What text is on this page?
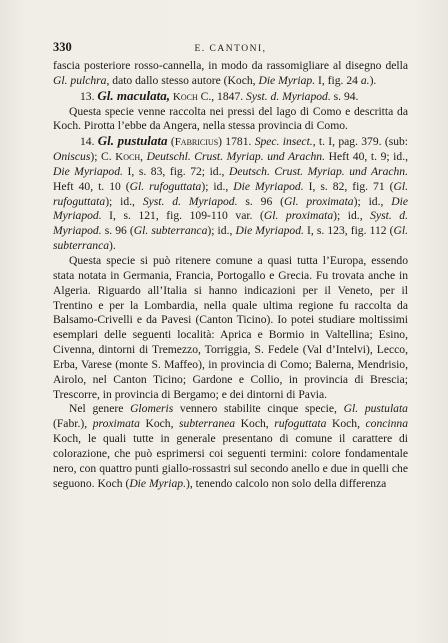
330	E. CANTONI,

fascia posteriore rosso-cannella, in modo da rassomigliare al disegno della Gl. pulchra, dato dallo stesso autore (Koch, Die Myriap. I, fig. 24 a.).

13. Gl. maculata, Koch C., 1847. Syst. d. Myriapod. s. 94.

Questa specie venne raccolta nei pressi del lago di Como e descritta da Koch. Pirotta l’ebbe da Angera, nella stessa provincia di Como.

14. Gl. pustulata (Fabricius) 1781. Spec. insect., t. I, pag. 379. (sub: Oniscus); C. Koch, Deutschl. Crust. Myriap. und Arachn. Heft 40, t. 9; id., Die Myriapod. I, s. 83, fig. 72; id., Deutsch. Crust. Myriap. und Arachn. Heft 40, t. 10 (Gl. rufoguttata); id., Die Myriapod. I, s. 82, fig. 71 (Gl. rufoguttata); id., Syst. d. Myriapod. s. 96 (Gl. proximata); id., Die Myriapod. I, s. 121, fig. 109-110 var. (Gl. proximata); id., Syst. d. Myriapod. s. 96 (Gl. subterranca); id., Die Myriapod. I, s. 123, fig. 112 (Gl. subterranca).

Questa specie si può ritenere comune a quasi tutta l’Europa, essendo stata notata in Germania, Francia, Portogallo e Grecia. Fu trovata anche in Algeria. Riguardo all’Italia si hanno indicazioni per il Veneto, per il Trentino e per la Lombardia, nella quale ultima regione fu raccolta da Balsamo-Crivelli e da Pavesi (Canton Ticino). Io potei studiare moltissimi esemplari delle seguenti località: Aprica e Bormio in Valtellina; Esino, Civenna, dintorni di Tremezzo, Torriggia, S. Fedele (Val d’Intelvi), Lecco, Erba, Varese (monte S. Maffeo), in provincia di Como; Balerna, Mendrisio, Airolo, nel Canton Ticino; Gardone e Collio, in provincia di Brescia; Trescorre, in provincia di Bergamo; e dei dintorni di Pavia.

Nel genere Glomeris vennero stabilite cinque specie, Gl. pustulata (Fabr.), proximata Koch, subterranea Koch, rufoguttata Koch, concinna Koch, le quali tutte in generale presentano di comune il carattere di colorazione, che può esprimersi coi seguenti termini: colore fondamentale nero, con quattro punti giallo-rossastri sul secondo anello e due in quelli che seguono. Koch (Die Myriap.), tenendo calcolo non solo della differenza
